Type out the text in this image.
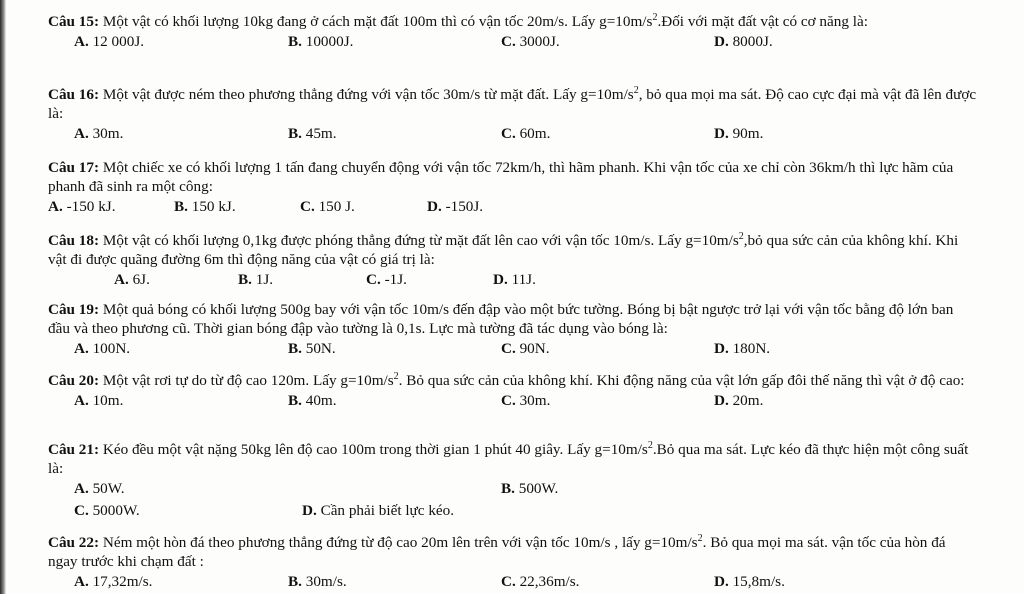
Câu 15: Một vật có khối lượng 10kg đang ở cách mặt đất 100m thì có vận tốc 20m/s. Lấy $g=10m/s^2.Đối$ với mặt đất vật có cơ năng là:

A. 12 000J.	B. 10000J.	C. 3000J.	D. 8000J.

Câu 16: Một vật được ném theo phương thẳng đứng với vận tốc 30m/s từ mặt đất. Lấy $g=10m/s^2$, bỏ qua mọi ma sát. Độ cao cực đại mà vật đã lên được là:

A. 30m.	B. 45m.	C. 60m.	D. 90m.

Câu 17: Một chiếc xe có khối lượng 1 tấn đang chuyển động với vận tốc 72km/h, thì hãm phanh. Khi vận tốc của xe chỉ còn 36km/h thì lực hãm của phanh đã sinh ra một công:

A. -150 kJ.	B. 150 kJ.	C. 150 J.	D. -150J.

Câu 18: Một vật có khối lượng 0,1kg được phóng thẳng đứng từ mặt đất lên cao với vận tốc 10m/s. Lấy $g=10m/s^2,bỏ$ qua sức cản của không khí. Khi vật đi được quãng đường 6m thì động năng của vật có giá trị là:

A. 6J.	B. 1J.	C. -1J.	D. 11J.

Câu 19: Một quả bóng có khối lượng 500g bay với vận tốc 10m/s đến đập vào một bức tường. Bóng bị bật ngược trở lại với vận tốc bằng độ lớn ban đầu và theo phương cũ. Thời gian bóng đập vào tường là 0,1s. Lực mà tường đã tác dụng vào bóng là:

A. 100N.	B. 50N.	C. 90N.	D. 180N.

Câu 20: Một vật rơi tự do từ độ cao 120m. Lấy $g=10m/s^2$. Bỏ qua sức cản của không khí. Khi động năng của vật lớn gấp đôi thế năng thì vật ở độ cao:

A. 10m.	B. 40m.	C. 30m.	D. 20m.

Câu 21: Kéo đều một vật nặng 50kg lên độ cao 100m trong thời gian 1 phút 40 giây. Lấy $g=10m/s^2.Bỏ$ qua ma sát. Lực kéo đã thực hiện một công suất là:

A. 50W.	B. 500W.
C. 5000W.	D. Cần phải biết lực kéo.

Câu 22: Ném một hòn đá theo phương thẳng đứng từ độ cao 20m lên trên với vận tốc 10m/s , lấy $g=10m/s^2$. Bỏ qua mọi ma sát. vận tốc của hòn đá ngay trước khi chạm đất :

A. 17,32m/s.	B. 30m/s.	C. 22,36m/s.	D. 15,8m/s.
